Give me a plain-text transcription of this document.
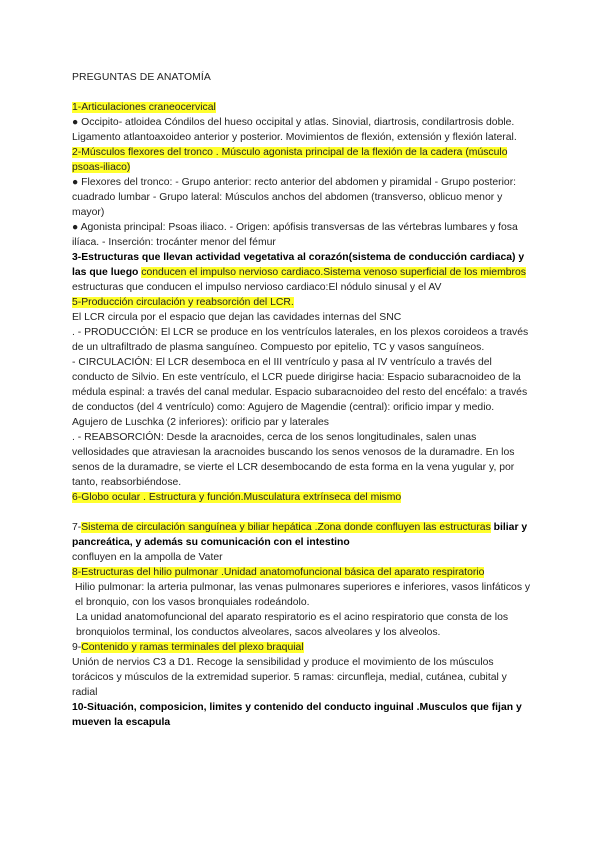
PREGUNTAS DE ANATOMÍA

1-Articulaciones craneocervical

● Occipito- atloidea Cóndilos del hueso occipital y atlas. Sinovial, diartrosis, condilartrosis doble. Ligamento atlantoaxoideo anterior y posterior. Movimientos de flexión, extensión y flexión lateral.

2-Músculos flexores del tronco . Músculo agonista principal de la flexión de la cadera (músculo psoas-iliaco)

● Flexores del tronco: - Grupo anterior: recto anterior del abdomen y piramidal - Grupo posterior: cuadrado lumbar - Grupo lateral: Músculos anchos del abdomen (transverso, oblicuo menor y mayor)

● Agonista principal: Psoas iliaco. - Origen: apófisis transversas de las vértebras lumbares y fosa ilíaca. - Inserción: trocánter menor del fémur

3-Estructuras que llevan actividad vegetativa al corazón(sistema de conducción cardiaca) y las que luego conducen el impulso nervioso cardiaco.Sistema venoso superficial de los miembros

estructuras que conducen el impulso nervioso cardiaco:El nódulo sinusal y el AV

5-Producción circulación y reabsorción del LCR.

El LCR circula por el espacio que dejan las cavidades internas del SNC

. - PRODUCCIÓN: El LCR se produce en los ventrículos laterales, en los plexos coroideos a través de un ultrafiltrado de plasma sanguíneo. Compuesto por epitelio, TC y vasos sanguíneos.

- CIRCULACIÓN: El LCR desemboca en el III ventrículo y pasa al IV ventrículo a través del conducto de Silvio. En este ventrículo, el LCR puede dirigirse hacia: Espacio subaracnoideo de la médula espinal: a través del canal medular. Espacio subaracnoideo del resto del encéfalo: a través de conductos (del 4 ventrículo) como: Agujero de Magendie (central): orificio impar y medio. Agujero de Luschka (2 inferiores): orificio par y laterales

. - REABSORCIÓN: Desde la aracnoides, cerca de los senos longitudinales, salen unas vellosidades que atraviesan la aracnoides buscando los senos venosos de la duramadre. En los senos de la duramadre, se vierte el LCR desembocando de esta forma en la vena yugular y, por tanto, reabsorbiéndose.

6-Globo ocular . Estructura y función.Musculatura extrínseca del mismo

7-Sistema de circulación sanguínea y biliar hepática .Zona donde confluyen las estructuras biliar y pancreática, y además su comunicación con el intestino

confluyen en la ampolla de Vater

8-Estructuras del hilio pulmonar .Unidad anatomofuncional básica del aparato respiratorio

Hilio pulmonar: la arteria pulmonar, las venas pulmonares superiores e inferiores, vasos linfáticos y el bronquio, con los vasos bronquiales rodeándolo.

La unidad anatomofuncional del aparato respiratorio es el acino respiratorio que consta de los bronquiolos terminal, los conductos alveolares, sacos alveolares y los alveolos.

9-Contenido y ramas terminales del plexo braquial

Unión de nervios C3 a D1. Recoge la sensibilidad y produce el movimiento de los músculos torácicos y músculos de la extremidad superior. 5 ramas: circunfleja, medial, cutánea, cubital y radial

10-Situación, composicion, limites y contenido del conducto inguinal .Musculos que fijan y mueven la escapula
